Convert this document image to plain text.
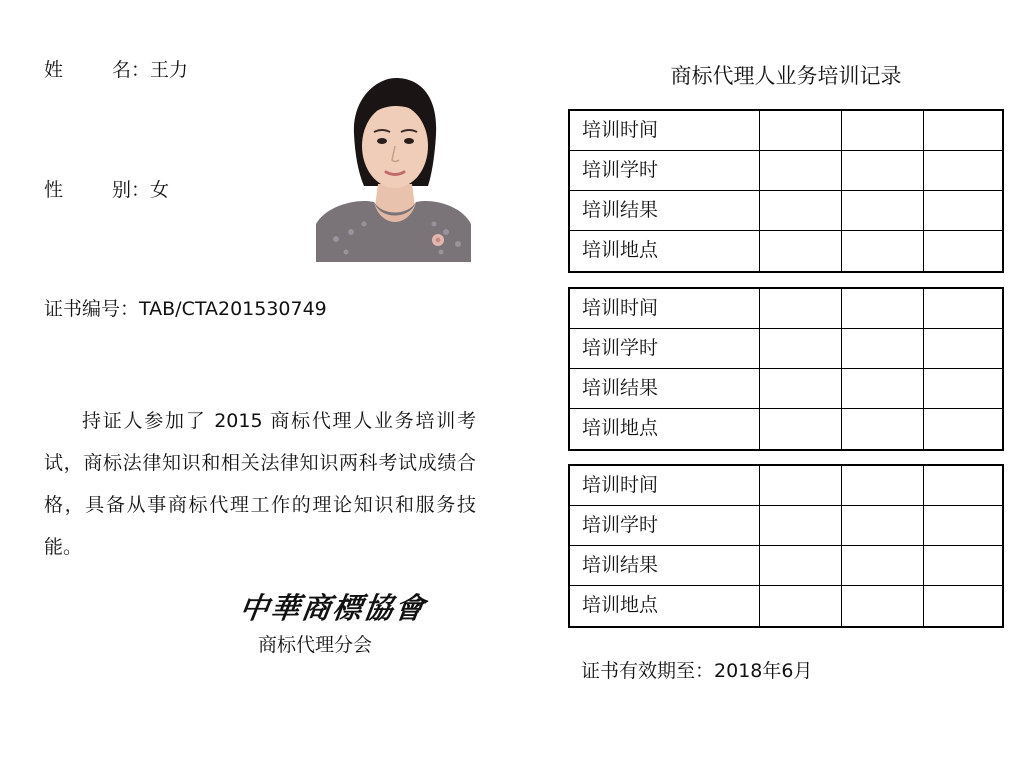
姓	名：王力
性	别：女
证书编号：TAB/CTA201530749
持证人参加了 2015 商标代理人业务培训考试，商标法律知识和相关法律知识两科考试成绩合格，具备从事商标代理工作的理论知识和服务技能。
中華商標協會
商标代理分会
商标代理人业务培训记录
培训时间
培训学时
培训结果
培训地点
培训时间
培训学时
培训结果
培训地点
培训时间
培训学时
培训结果
培训地点
证书有效期至：2018年6月
